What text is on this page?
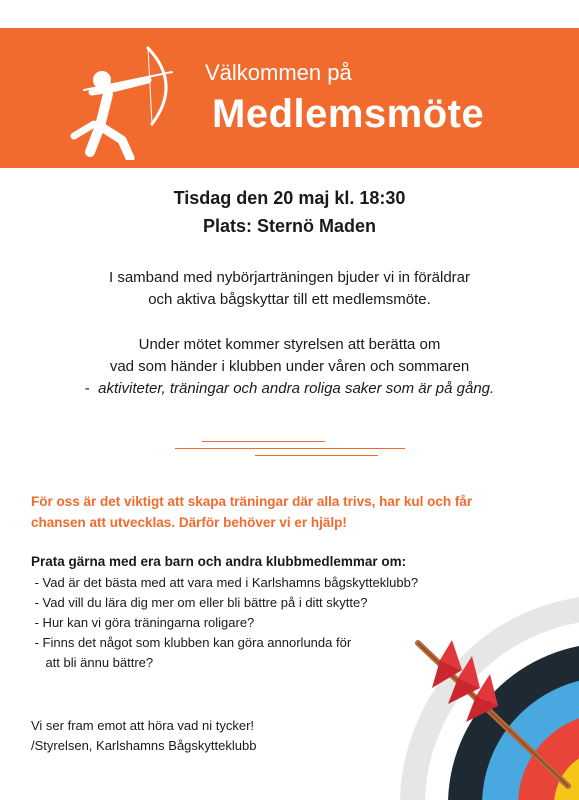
Välkommen på
Medlemsmöte
Tisdag den 20 maj kl. 18:30
Plats: Sternö Maden
I samband med nybörjarträningen bjuder vi in föräldrar
och aktiva bågskyttar till ett medlemsmöte.
Under mötet kommer styrelsen att berätta om
vad som händer i klubben under våren och sommaren
-  aktiviteter, träningar och andra roliga saker som är på gång.
För oss är det viktigt att skapa träningar där alla trivs, har kul och får
chansen att utvecklas. Därför behöver vi er hjälp!
Prata gärna med era barn och andra klubbmedlemmar om:
- Vad är det bästa med att vara med i Karlshamns bågskytteklubb?
- Vad vill du lära dig mer om eller bli bättre på i ditt skytte?
- Hur kan vi göra träningarna roligare?
- Finns det något som klubben kan göra annorlunda för
att bli ännu bättre?
Vi ser fram emot att höra vad ni tycker!
/Styrelsen, Karlshamns Bågskytteklubb
